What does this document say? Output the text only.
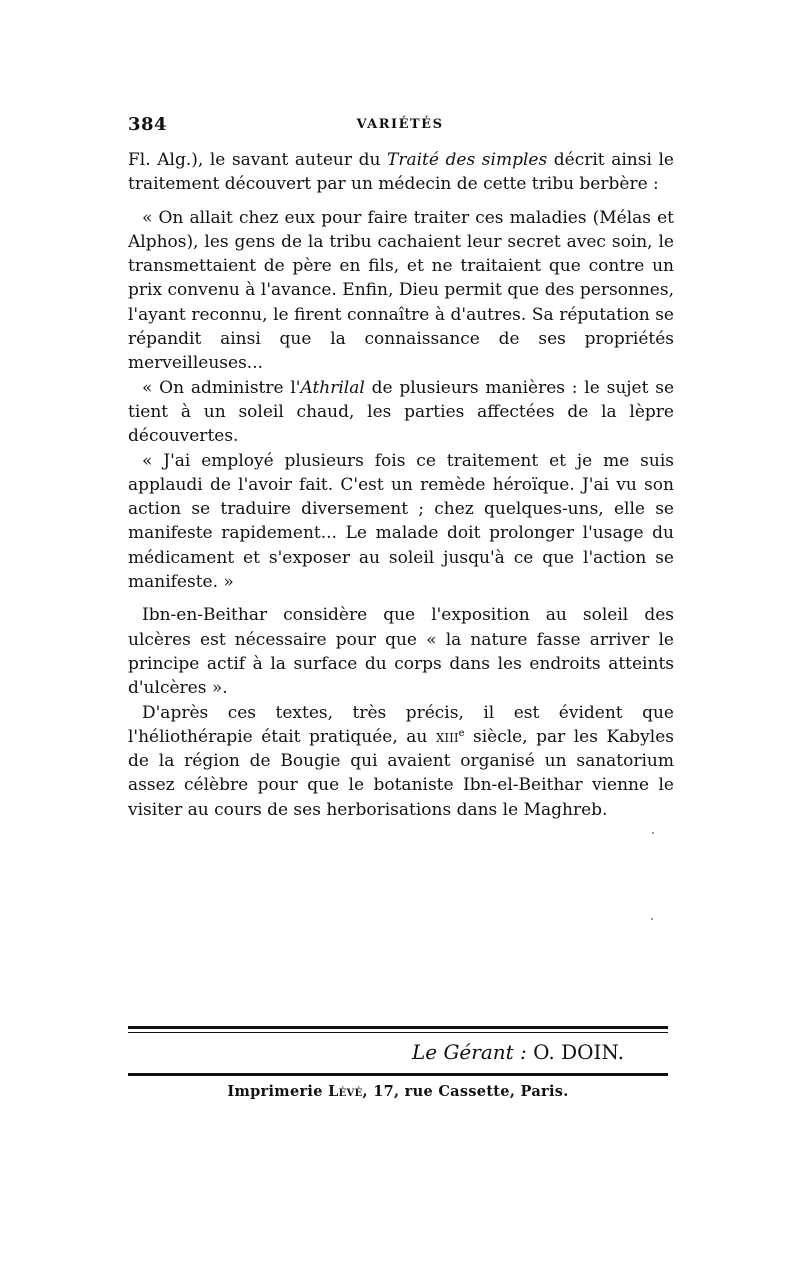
384	VARIÉTÉS

Fl. Alg.), le savant auteur du Traité des simples décrit ainsi le traitement découvert par un médecin de cette tribu berbère :

« On allait chez eux pour faire traiter ces maladies (Mélas et Alphos), les gens de la tribu cachaient leur secret avec soin, le transmettaient de père en fils, et ne traitaient que contre un prix convenu à l'avance. Enfin, Dieu permit que des personnes, l'ayant reconnu, le firent connaître à d'autres. Sa réputation se répandit ainsi que la connaissance de ses propriétés merveilleuses...

« On administre l'Athrilal de plusieurs manières : le sujet se tient à un soleil chaud, les parties affectées de la lèpre découvertes.

« J'ai employé plusieurs fois ce traitement et je me suis applaudi de l'avoir fait. C'est un remède héroïque. J'ai vu son action se traduire diversement ; chez quelques-uns, elle se manifeste rapidement... Le malade doit prolonger l'usage du médicament et s'exposer au soleil jusqu'à ce que l'action se manifeste. »

Ibn-en-Beithar considère que l'exposition au soleil des ulcères est nécessaire pour que « la nature fasse arriver le principe actif à la surface du corps dans les endroits atteints d'ulcères ».

D'après ces textes, très précis, il est évident que l'héliothérapie était pratiquée, au xiii$^e$ siècle, par les Kabyles de la région de Bougie qui avaient organisé un sanatorium assez célèbre pour que le botaniste Ibn-el-Beithar vienne le visiter au cours de ses herborisations dans le Maghreb.

Le Gérant : O. DOIN.
Imprimerie Lévé, 17, rue Cassette, Paris.
